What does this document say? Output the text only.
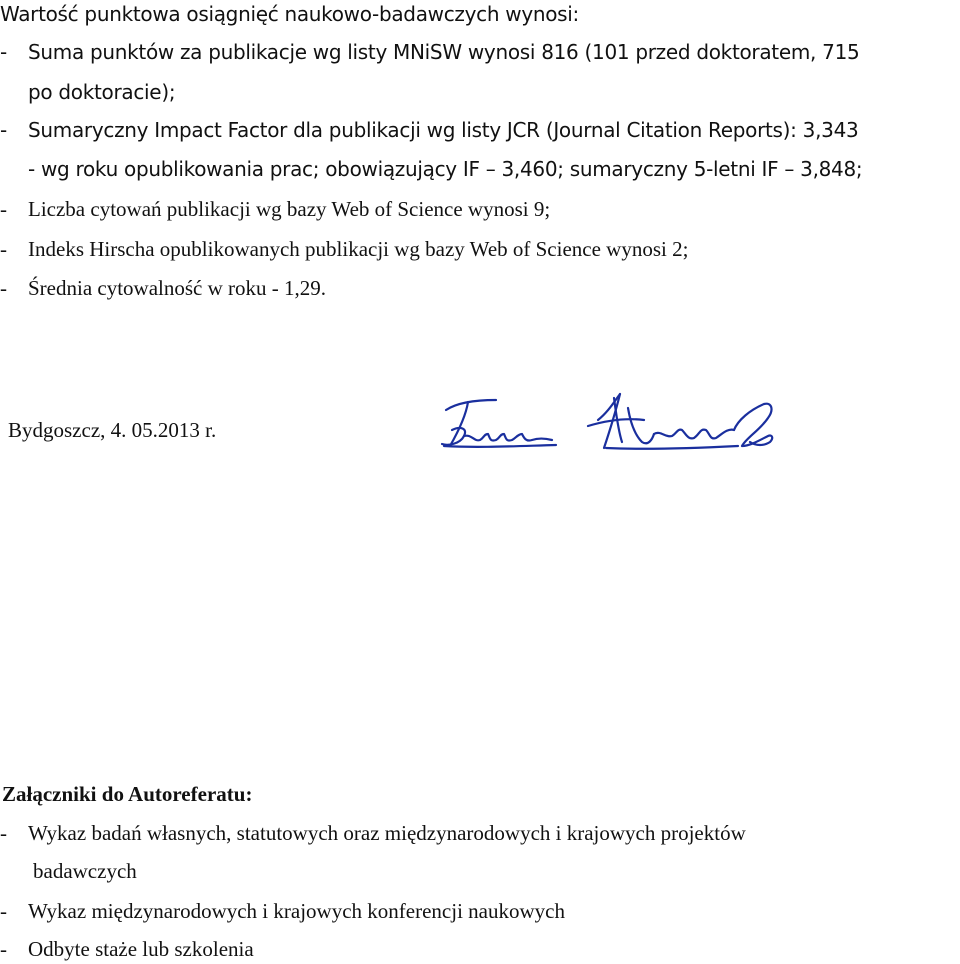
Wartość punktowa osiągnięć naukowo-badawczych wynosi:
- Suma punktów za publikacje wg listy MNiSW wynosi 816 (101 przed doktoratem, 715
po doktoracie);
- Sumaryczny Impact Factor dla publikacji wg listy JCR (Journal Citation Reports): 3,343
- wg roku opublikowania prac; obowiązujący IF – 3,460; sumaryczny 5-letni IF – 3,848;
- Liczba cytowań publikacji wg bazy Web of Science wynosi 9;
- Indeks Hirscha opublikowanych publikacji wg bazy Web of Science wynosi 2;
- Średnia cytowalność w roku - 1,29.
Bydgoszcz, 4. 05.2013 r.
Załączniki do Autoreferatu:
- Wykaz badań własnych, statutowych oraz międzynarodowych i krajowych projektów
badawczych
- Wykaz międzynarodowych i krajowych konferencji naukowych
- Odbyte staże lub szkolenia
